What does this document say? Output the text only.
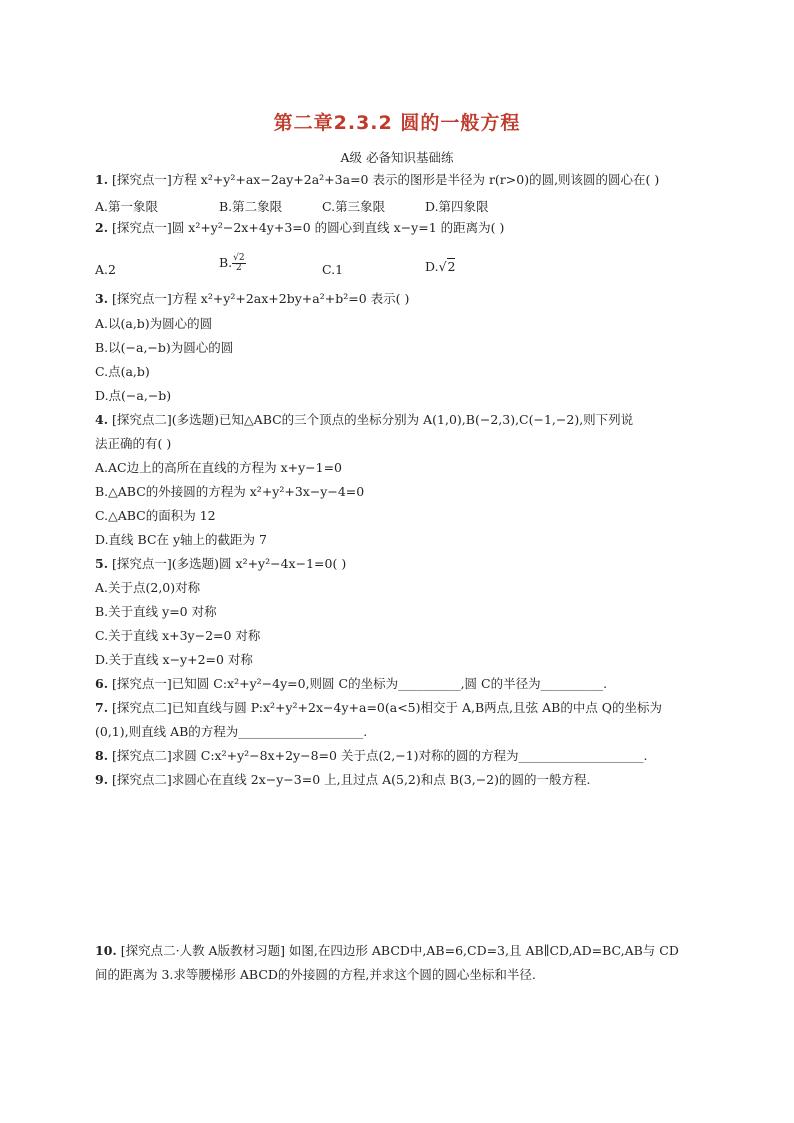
第二章2.3.2 圆的一般方程
A级 必备知识基础练
1. [探究点一]方程 x²+y²+ax−2ay+2a²+3a=0 表示的图形是半径为 r(r>0)的圆,则该圆的圆心在( )
A.第一象限	B.第二象限	C.第三象限	D.第四象限
2. [探究点一]圆 x²+y²−2x+4y+3=0 的圆心到直线 x−y=1 的距离为( )
A.2	B. $\frac{√2}{2}$	C.1	D.√2
3. [探究点一]方程 x²+y²+2ax+2by+a²+b²=0 表示( )
A.以(a,b)为圆心的圆
B.以(−a,−b)为圆心的圆
C.点(a,b)
D.点(−a,−b)
4. [探究点二](多选题)已知△ABC的三个顶点的坐标分别为 A(1,0),B(−2,3),C(−1,−2),则下列说
法正确的有( )
A.AC边上的高所在直线的方程为 x+y−1=0
B.△ABC的外接圆的方程为 x²+y²+3x−y−4=0
C.△ABC的面积为 12
D.直线 BC在 y轴上的截距为 7
5. [探究点一](多选题)圆 x²+y²−4x−1=0( )
A.关于点(2,0)对称
B.关于直线 y=0 对称
C.关于直线 x+3y−2=0 对称
D.关于直线 x−y+2=0 对称
6. [探究点一]已知圆 C:x²+y²−4y=0,则圆 C的坐标为__________,圆 C的半径为__________.
7. [探究点二]已知直线与圆 P:x²+y²+2x−4y+a=0(a<5)相交于 A,B两点,且弦 AB的中点 Q的坐标为
(0,1),则直线 AB的方程为____________________.
8. [探究点二]求圆 C:x²+y²−8x+2y−8=0 关于点(2,−1)对称的圆的方程为____________________.
9. [探究点二]求圆心在直线 2x−y−3=0 上,且过点 A(5,2)和点 B(3,−2)的圆的一般方程.
10. [探究点二·人教 A版教材习题] 如图,在四边形 ABCD中,AB=6,CD=3,且 AB∥CD,AD=BC,AB与 CD
间的距离为 3.求等腰梯形 ABCD的外接圆的方程,并求这个圆的圆心坐标和半径.
